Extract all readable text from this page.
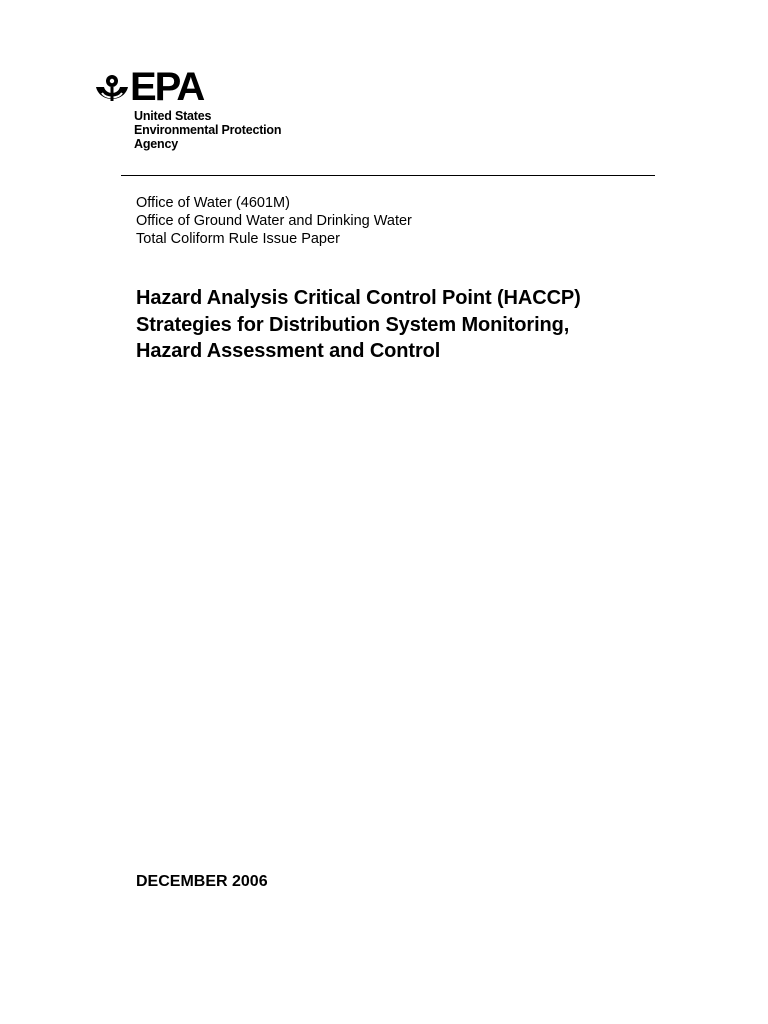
EPA
United States
Environmental Protection
Agency
Office of Water (4601M)
Office of Ground Water and Drinking Water
Total Coliform Rule Issue Paper
Hazard Analysis Critical Control Point (HACCP)
Strategies for Distribution System Monitoring,
Hazard Assessment and Control
DECEMBER 2006
